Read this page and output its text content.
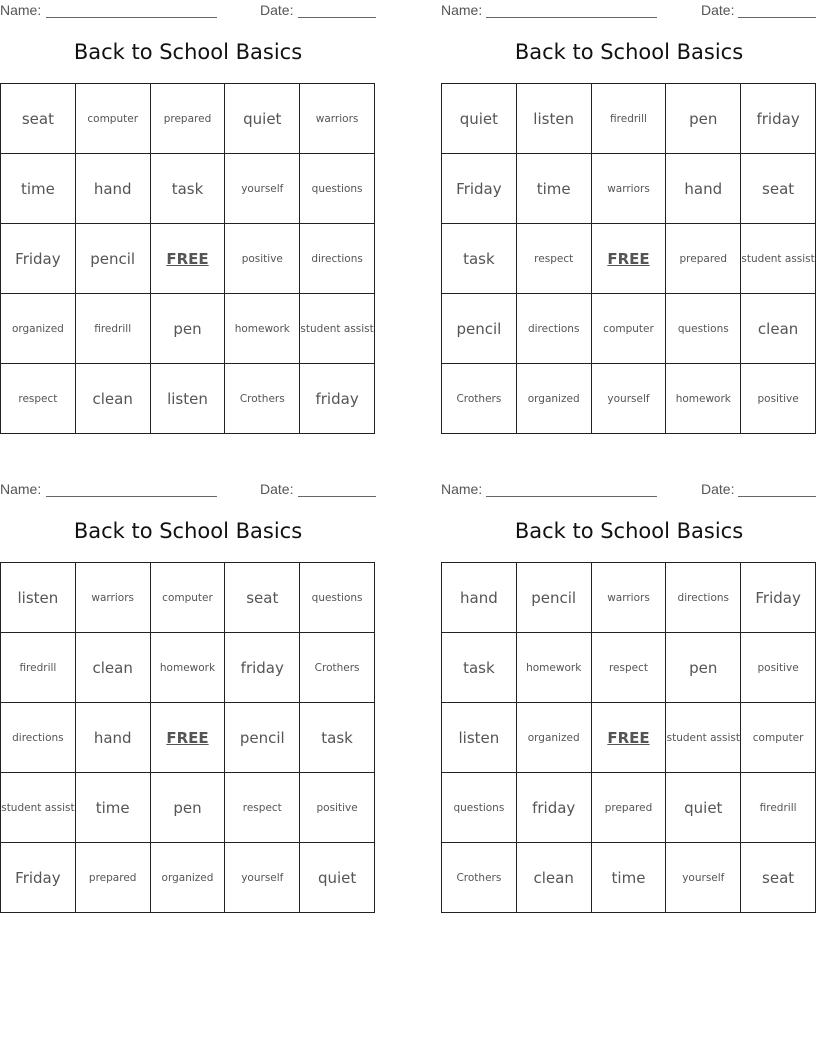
Name:	Date:
Back to School Basics
seat	computer	prepared	quiet	warriors
time	hand	task	yourself	questions
Friday	pencil	FREE	positive	directions
organized	firedrill	pen	homework	student assist
respect	clean	listen	Crothers	friday
Name:	Date:
Back to School Basics
quiet	listen	firedrill	pen	friday
Friday	time	warriors	hand	seat
task	respect	FREE	prepared	student assist
pencil	directions	computer	questions	clean
Crothers	organized	yourself	homework	positive
Name:	Date:
Back to School Basics
listen	warriors	computer	seat	questions
firedrill	clean	homework	friday	Crothers
directions	hand	FREE	pencil	task
student assist	time	pen	respect	positive
Friday	prepared	organized	yourself	quiet
Name:	Date:
Back to School Basics
hand	pencil	warriors	directions	Friday
task	homework	respect	pen	positive
listen	organized	FREE	student assist	computer
questions	friday	prepared	quiet	firedrill
Crothers	clean	time	yourself	seat
